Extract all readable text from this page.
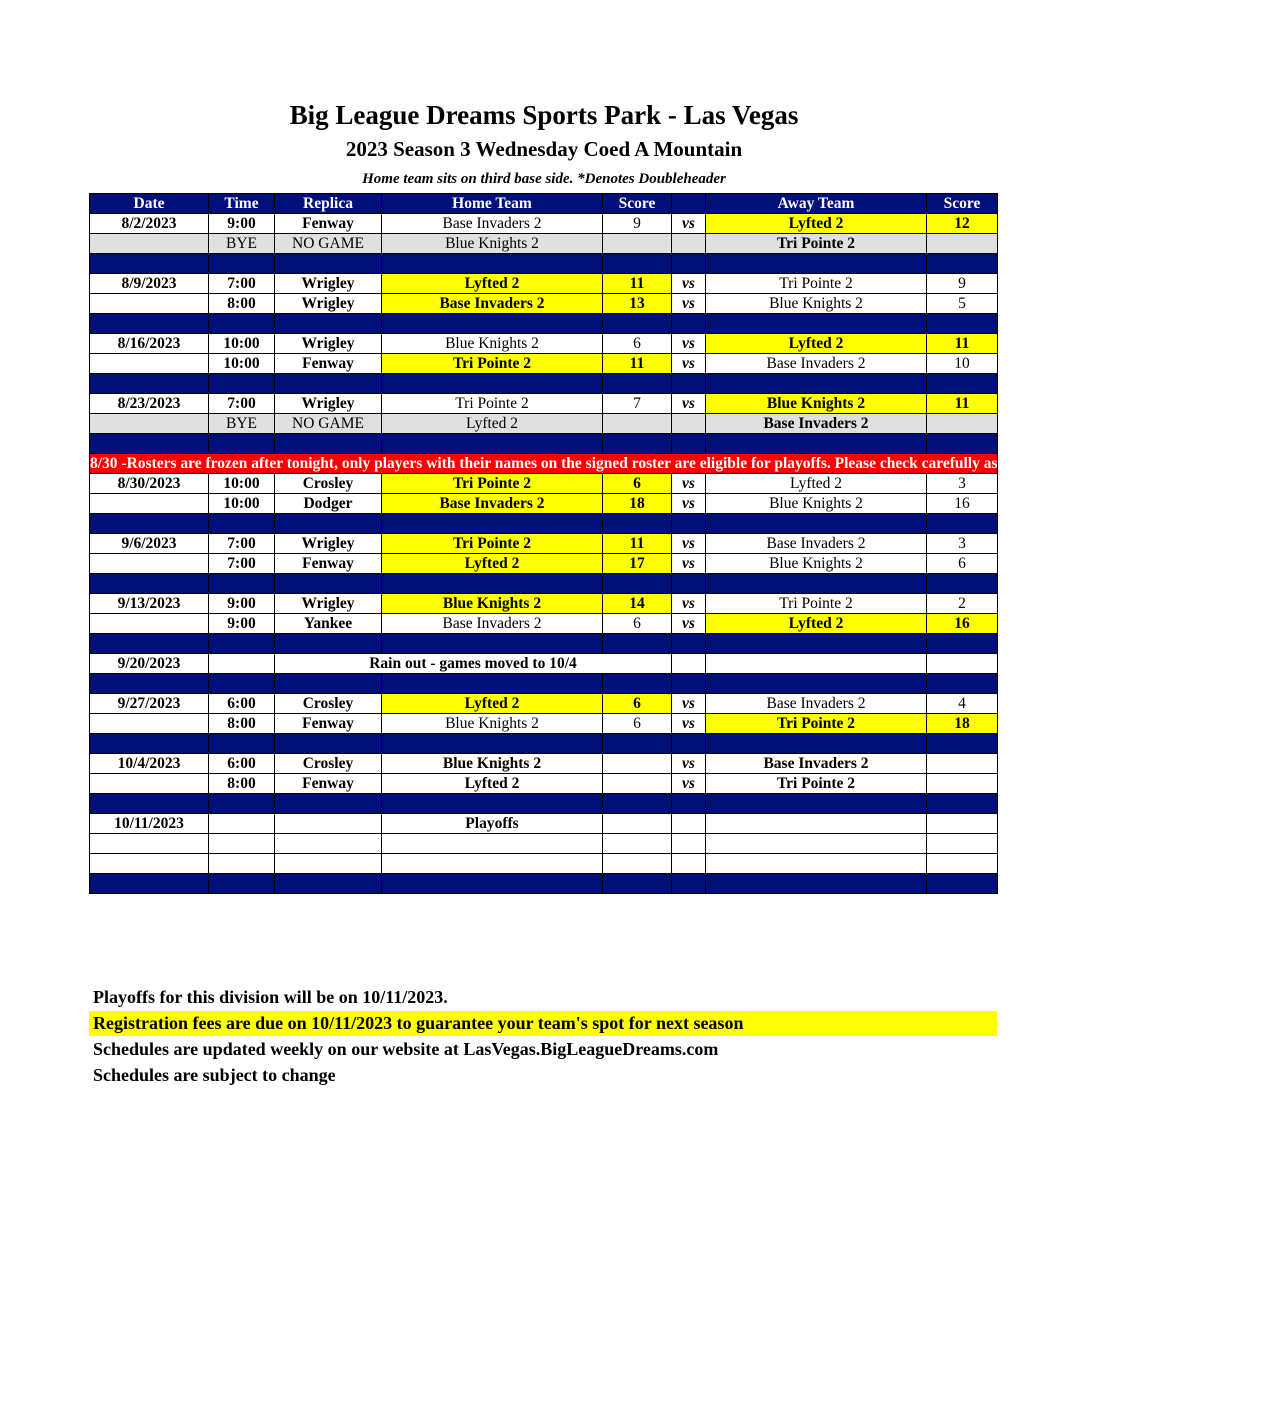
Big League Dreams Sports Park - Las Vegas
2023 Season 3 Wednesday Coed A Mountain
Home team sits on third base side. *Denotes Doubleheader
Date	Time	Replica	Home Team	Score		Away Team	Score
8/2/2023	9:00	Fenway	Base Invaders 2	9	vs	Lyfted 2	12
	BYE	NO GAME	Blue Knights 2			Tri Pointe 2	

8/9/2023	7:00	Wrigley	Lyfted 2	11	vs	Tri Pointe 2	9
	8:00	Wrigley	Base Invaders 2	13	vs	Blue Knights 2	5

8/16/2023	10:00	Wrigley	Blue Knights 2	6	vs	Lyfted 2	11
	10:00	Fenway	Tri Pointe 2	11	vs	Base Invaders 2	10

8/23/2023	7:00	Wrigley	Tri Pointe 2	7	vs	Blue Knights 2	11
	BYE	NO GAME	Lyfted 2			Base Invaders 2	

8/30 -Rosters are frozen after tonight, only players with their names on the signed roster are eligible for playoffs. Please check carefully as changes will not be made for omissions.							
8/30/2023	10:00	Crosley	Tri Pointe 2	6	vs	Lyfted 2	3
	10:00	Dodger	Base Invaders 2	18	vs	Blue Knights 2	16

9/6/2023	7:00	Wrigley	Tri Pointe 2	11	vs	Base Invaders 2	3
	7:00	Fenway	Lyfted 2	17	vs	Blue Knights 2	6

9/13/2023	9:00	Wrigley	Blue Knights 2	14	vs	Tri Pointe 2	2
	9:00	Yankee	Base Invaders 2	6	vs	Lyfted 2	16

9/20/2023		Rain out - games moved to 10/4					

9/27/2023	6:00	Crosley	Lyfted 2	6	vs	Base Invaders 2	4
	8:00	Fenway	Blue Knights 2	6	vs	Tri Pointe 2	18

10/4/2023	6:00	Crosley	Blue Knights 2		vs	Base Invaders 2	
	8:00	Fenway	Lyfted 2		vs	Tri Pointe 2	

10/11/2023			Playoffs				

Playoffs for this division will be on 10/11/2023.
Registration fees are due on 10/11/2023 to guarantee your team's spot for next season
Schedules are updated weekly on our website at LasVegas.BigLeagueDreams.com
Schedules are subject to change
